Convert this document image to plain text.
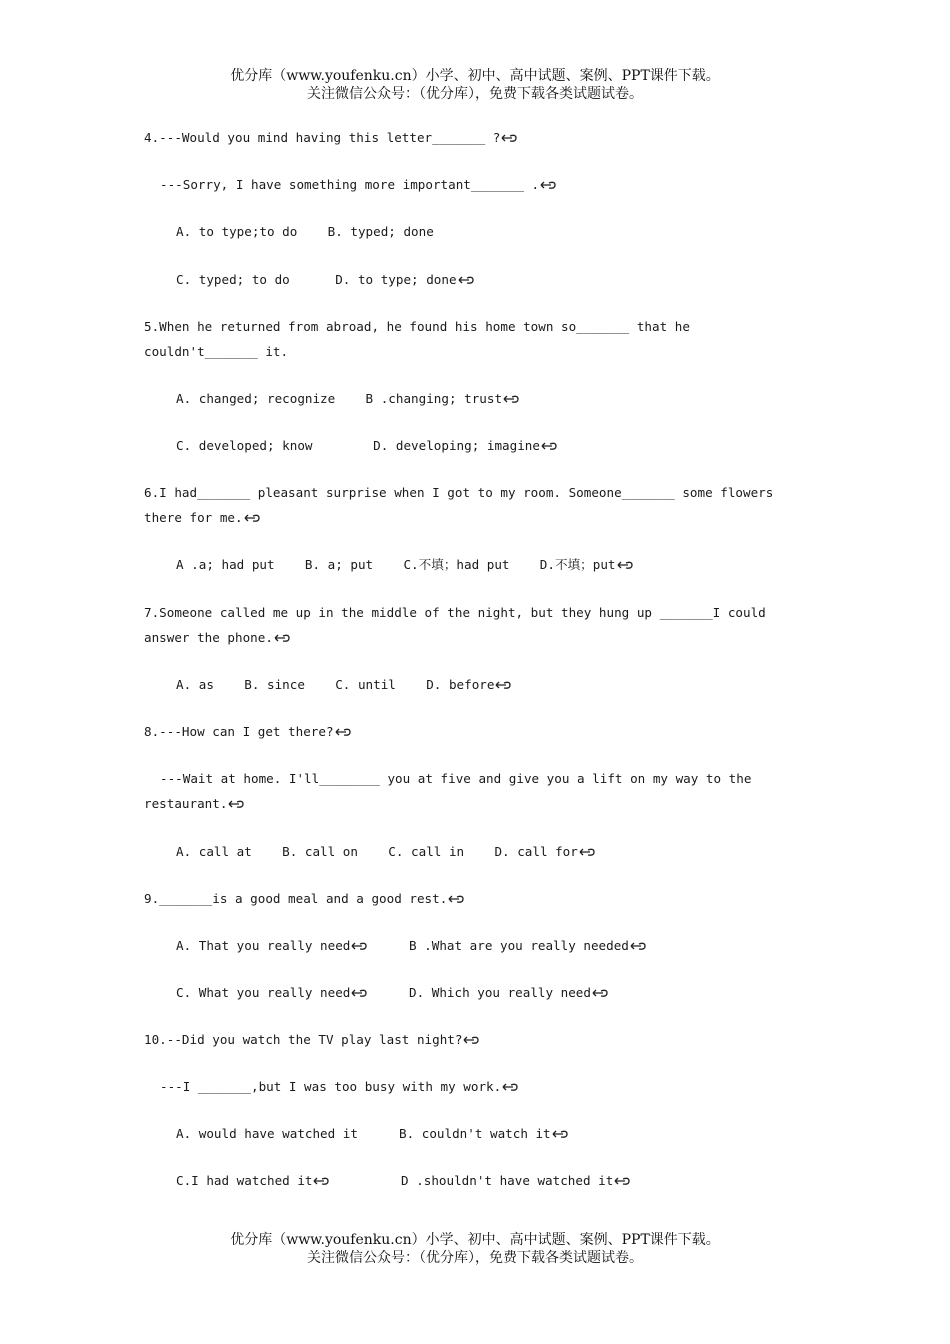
优分库（www.youfenku.cn）小学、初中、高中试题、案例、PPT课件下载。
关注微信公众号：（优分库），免费下载各类试题试卷。
4.---Would you mind having this letter_______ ?
---Sorry, I have something more important_______ .
A. to type;to do    B. typed; done
C. typed; to do      D. to type; done
5.When he returned from abroad, he found his home town so_______ that he
couldn't_______ it.
A. changed; recognize    B .changing; trust
C. developed; know        D. developing; imagine
6.I had_______ pleasant surprise when I got to my room. Someone_______ some flowers
there for me.
A .a; had put    B. a; put    C.不填；had put    D.不填；put
7.Someone called me up in the middle of the night, but they hung up _______I could
answer the phone.
A. as    B. since    C. until    D. before
8.---How can I get there?
---Wait at home. I'll________ you at five and give you a lift on my way to the
restaurant.
A. call at    B. call on    C. call in    D. call for
9._______is a good meal and a good rest.
A. That you really need	B .What are you really needed
C. What you really need	D. Which you really need
10.--Did you watch the TV play last night?
---I _______,but I was too busy with my work.
A. would have watched it	B. couldn't watch it
C.I had watched it	D .shouldn't have watched it
优分库（www.youfenku.cn）小学、初中、高中试题、案例、PPT课件下载。
关注微信公众号：（优分库），免费下载各类试题试卷。
